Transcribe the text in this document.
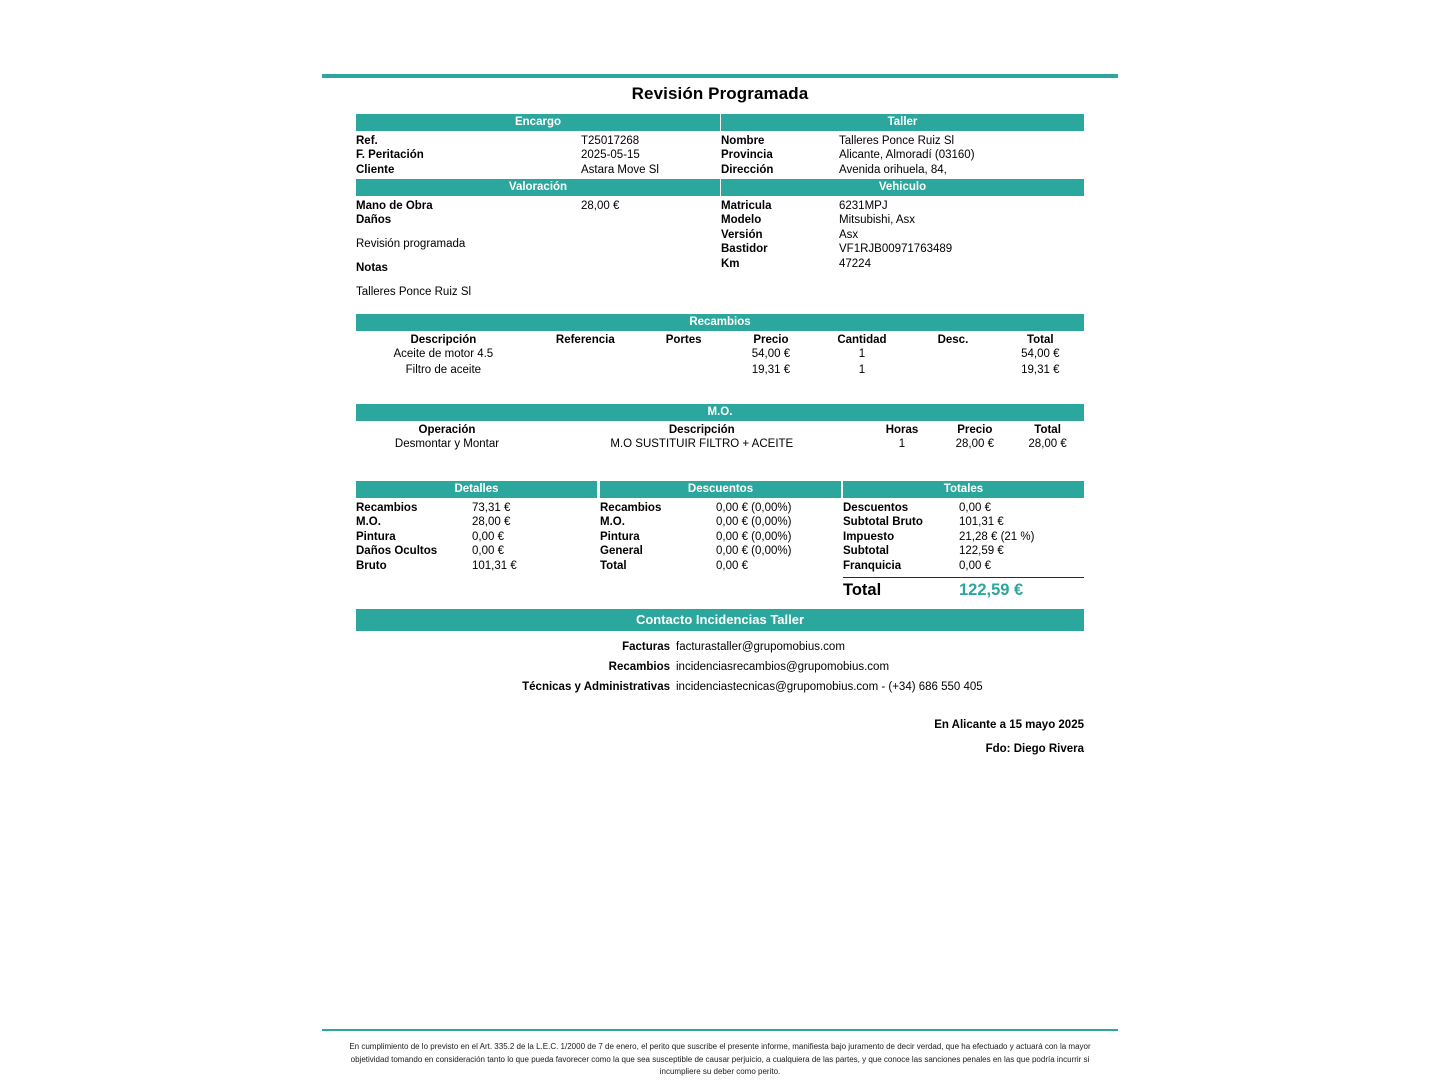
Revisión Programada
Encargo
Ref.	T25017268
F. Peritación	2025-05-15
Cliente	Astara Move Sl
Taller
Nombre	Talleres Ponce Ruiz Sl
Provincia	Alicante, Almoradí (03160)
Dirección	Avenida orihuela, 84,
Valoración
Mano de Obra	28,00 €
Daños
Revisión programada
Notas
Talleres Ponce Ruiz Sl
Vehiculo
Matricula	6231MPJ
Modelo	Mitsubishi, Asx
Versión	Asx
Bastidor	VF1RJB00971763489
Km	47224
Recambios
Descripción	Referencia	Portes	Precio	Cantidad	Desc.	Total
Aceite de motor 4.5			54,00 €	1		54,00 €
Filtro de aceite			19,31 €	1		19,31 €
M.O.
Operación	Descripción	Horas	Precio	Total
Desmontar y Montar	M.O SUSTITUIR FILTRO + ACEITE	1	28,00 €	28,00 €
Detalles
Recambios	73,31 €
M.O.	28,00 €
Pintura	0,00 €
Daños Ocultos	0,00 €
Bruto	101,31 €
Descuentos
Recambios	0,00 € (0,00%)
M.O.	0,00 € (0,00%)
Pintura	0,00 € (0,00%)
General	0,00 € (0,00%)
Total	0,00 €
Totales
Descuentos	0,00 €
Subtotal Bruto	101,31 €
Impuesto	21,28 € (21 %)
Subtotal	122,59 €
Franquicia	0,00 €
Total	122,59 €
Contacto Incidencias Taller
Facturas facturastaller@grupomobius.com
Recambios incidenciasrecambios@grupomobius.com
Técnicas y Administrativas incidenciastecnicas@grupomobius.com - (+34) 686 550 405
En Alicante a 15 mayo 2025
Fdo: Diego Rivera
En cumplimiento de lo previsto en el Art. 335.2 de la L.E.C. 1/2000 de 7 de enero, el perito que suscribe el presente informe, manifiesta bajo juramento de decir verdad, que ha efectuado y actuará con la mayor objetividad tomando en consideración tanto lo que pueda favorecer como la que sea susceptible de causar perjuicio, a cualquiera de las partes, y que conoce las sanciones penales en las que podría incurrir si incumpliere su deber como perito.
